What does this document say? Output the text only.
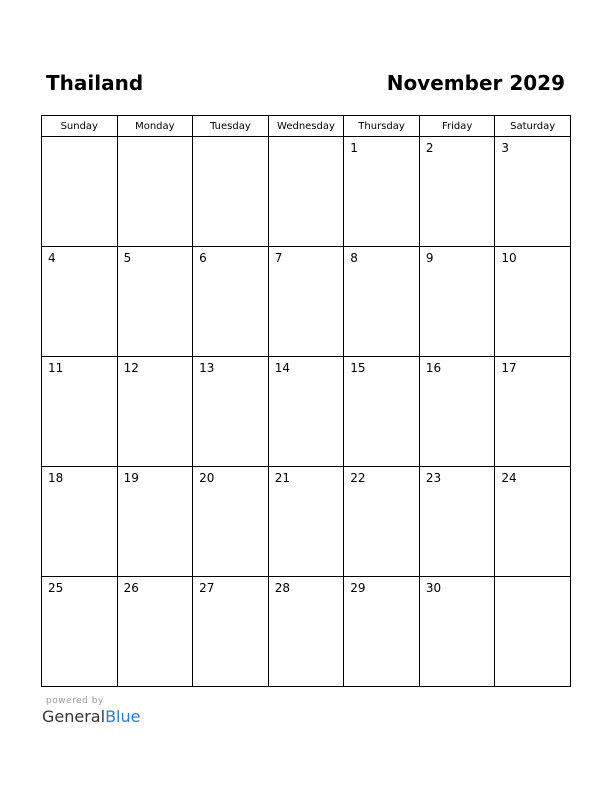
Thailand	November 2029
Sunday	Monday	Tuesday	Wednesday	Thursday	Friday	Saturday

				1	2	3

4	5	6	7	8	9	10

11	12	13	14	15	16	17

18	19	20	21	22	23	24

25	26	27	28	29	30	

powered by
GeneralBlue
